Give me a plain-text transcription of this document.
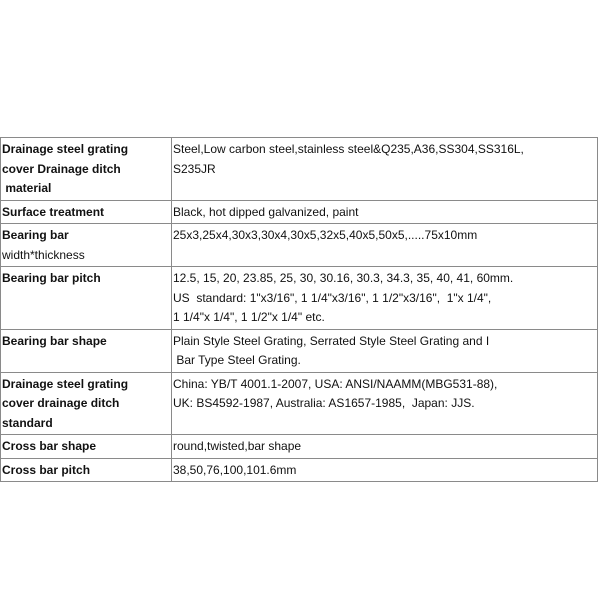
Drainage steel grating
cover Drainage ditch
material	Steel,Low carbon steel,stainless steel&Q235,A36,SS304,SS316L,
S235JR

Surface treatment	Black, hot dipped galvanized, paint

Bearing bar
width*thickness	25x3,25x4,30x3,30x4,30x5,32x5,40x5,50x5,.....75x10mm

Bearing bar pitch	12.5, 15, 20, 23.85, 25, 30, 30.16, 30.3, 34.3, 35, 40, 41, 60mm.
US  standard: 1"x3/16", 1 1/4"x3/16", 1 1/2"x3/16",  1"x 1/4",
1 1/4"x 1/4", 1 1/2"x 1/4" etc.

Bearing bar shape	Plain Style Steel Grating, Serrated Style Steel Grating and I
Bar Type Steel Grating.

Drainage steel grating
cover drainage ditch
standard	China: YB/T 4001.1-2007, USA: ANSI/NAAMM(MBG531-88),
UK: BS4592-1987, Australia: AS1657-1985,  Japan: JJS.

Cross bar shape	round,twisted,bar shape

Cross bar pitch	38,50,76,100,101.6mm
